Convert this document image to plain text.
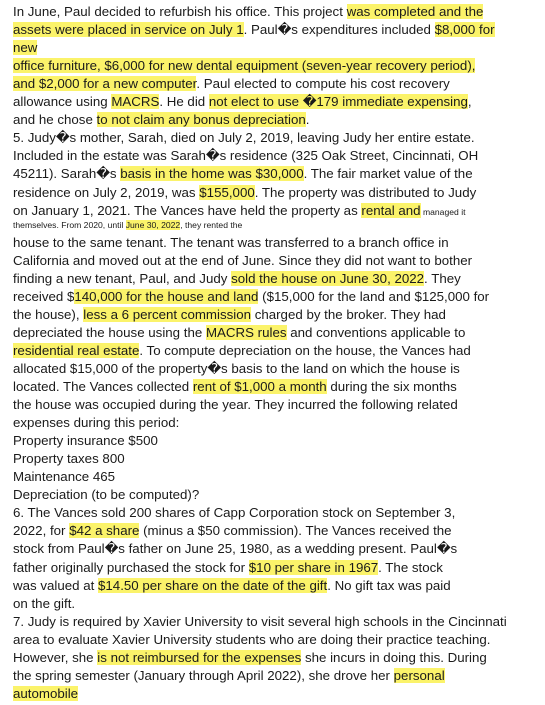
In June, Paul decided to refurbish his office. This project was completed and the
assets were placed in service on July 1. Paul�s expenditures included $8,000 for
new
office furniture, $6,000 for new dental equipment (seven-year recovery period),
and $2,000 for a new computer. Paul elected to compute his cost recovery
allowance using MACRS. He did not elect to use �179 immediate expensing,
and he chose to not claim any bonus depreciation.
5. Judy�s mother, Sarah, died on July 2, 2019, leaving Judy her entire estate.
Included in the estate was Sarah�s residence (325 Oak Street, Cincinnati, OH
45211). Sarah�s basis in the home was $30,000. The fair market value of the
residence on July 2, 2019, was $155,000. The property was distributed to Judy
on January 1, 2021. The Vances have held the property as rental and managed it
themselves. From 2020, until June 30, 2022, they rented the
house to the same tenant. The tenant was transferred to a branch office in
California and moved out at the end of June. Since they did not want to bother
finding a new tenant, Paul, and Judy sold the house on June 30, 2022. They
received $140,000 for the house and land ($15,000 for the land and $125,000 for
the house), less a 6 percent commission charged by the broker. They had
depreciated the house using the MACRS rules and conventions applicable to
residential real estate. To compute depreciation on the house, the Vances had
allocated $15,000 of the property�s basis to the land on which the house is
located. The Vances collected rent of $1,000 a month during the six months
the house was occupied during the year. They incurred the following related
expenses during this period:
Property insurance $500
Property taxes 800
Maintenance 465
Depreciation (to be computed)?
6. The Vances sold 200 shares of Capp Corporation stock on September 3,
2022, for $42 a share (minus a $50 commission). The Vances received the
stock from Paul�s father on June 25, 1980, as a wedding present. Paul�s
father originally purchased the stock for $10 per share in 1967. The stock
was valued at $14.50 per share on the date of the gift. No gift tax was paid
on the gift.
7. Judy is required by Xavier University to visit several high schools in the Cincinnati
area to evaluate Xavier University students who are doing their practice teaching.
However, she is not reimbursed for the expenses she incurs in doing this. During
the spring semester (January through April 2022), she drove her personal
automobile
